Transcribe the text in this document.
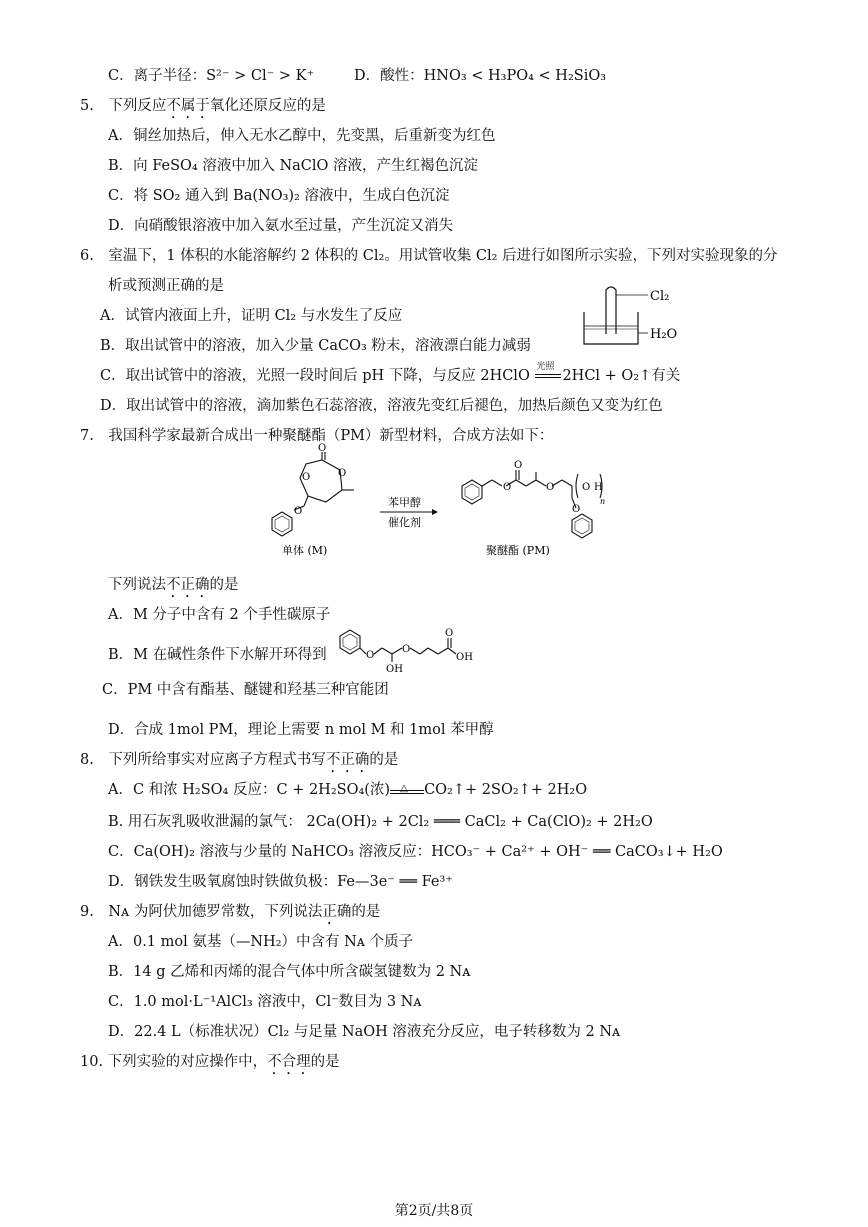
C．离子半径：S²⁻ > Cl⁻ > K⁺	D．酸性：HNO₃ < H₃PO₄ < H₂SiO₃
5.　下列反应不属于氧化还原反应的是
A．铜丝加热后，伸入无水乙醇中，先变黑，后重新变为红色
B．向 FeSO₄ 溶液中加入 NaClO 溶液，产生红褐色沉淀
C．将 SO₂ 通入到 Ba(NO₃)₂ 溶液中，生成白色沉淀
D．向硝酸银溶液中加入氨水至过量，产生沉淀又消失
6.　室温下，1 体积的水能溶解约 2 体积的 Cl₂。用试管收集 Cl₂ 后进行如图所示实验，下列对实验现象的分
析或预测正确的是
A．试管内液面上升，证明 Cl₂ 与水发生了反应
B．取出试管中的溶液，加入少量 CaCO₃ 粉末，溶液漂白能力减弱
C．取出试管中的溶液，光照一段时间后 pH 下降，与反应 2HClO
光照
2HCl + O₂↑有关
D．取出试管中的溶液，滴加紫色石蕊溶液，溶液先变红后褪色，加热后颜色又变为红色
Cl₂
H₂O
7.　我国科学家最新合成出一种聚醚酯（PM）新型材料，合成方法如下：
O
O	O
O
单体 (M)
苯甲醇
催化剂
O
O
O	O H
n
O
聚醚酯 (PM)
下列说法不正确的是
A．M 分子中含有 2 个手性碳原子
B．M 在碱性条件下水解开环得到	O
OH
O
O
OH
C．PM 中含有酯基、醚键和羟基三种官能团
D．合成 1mol PM，理论上需要 n mol M 和 1mol 苯甲醇
8.　下列所给事实对应离子方程式书写不正确的是
A．C 和浓 H₂SO₄ 反应：C + 2H₂SO₄(浓) △ CO₂↑+ 2SO₂↑+ 2H₂O
B. 用石灰乳吸收泄漏的氯气： 2Ca(OH)₂ + 2Cl₂ ═══ CaCl₂ + Ca(ClO)₂ + 2H₂O
C．Ca(OH)₂ 溶液与少量的 NaHCO₃ 溶液反应：HCO₃⁻ + Ca²⁺ + OH⁻ ══ CaCO₃↓+ H₂O
D．钢铁发生吸氧腐蚀时铁做负极：Fe—3e⁻ ══ Fe³⁺
9.　Nᴀ 为阿伏加德罗常数，下列说法正确的是
A．0.1 mol 氨基（—NH₂）中含有 Nᴀ 个质子
B．14 g 乙烯和丙烯的混合气体中所含碳氢键数为 2 Nᴀ
C．1.0 mol·L⁻¹AlCl₃ 溶液中，Cl⁻数目为 3 Nᴀ
D．22.4 L（标准状况）Cl₂ 与足量 NaOH 溶液充分反应，电子转移数为 2 Nᴀ
10. 下列实验的对应操作中，不合理的是
第2页/共8页
